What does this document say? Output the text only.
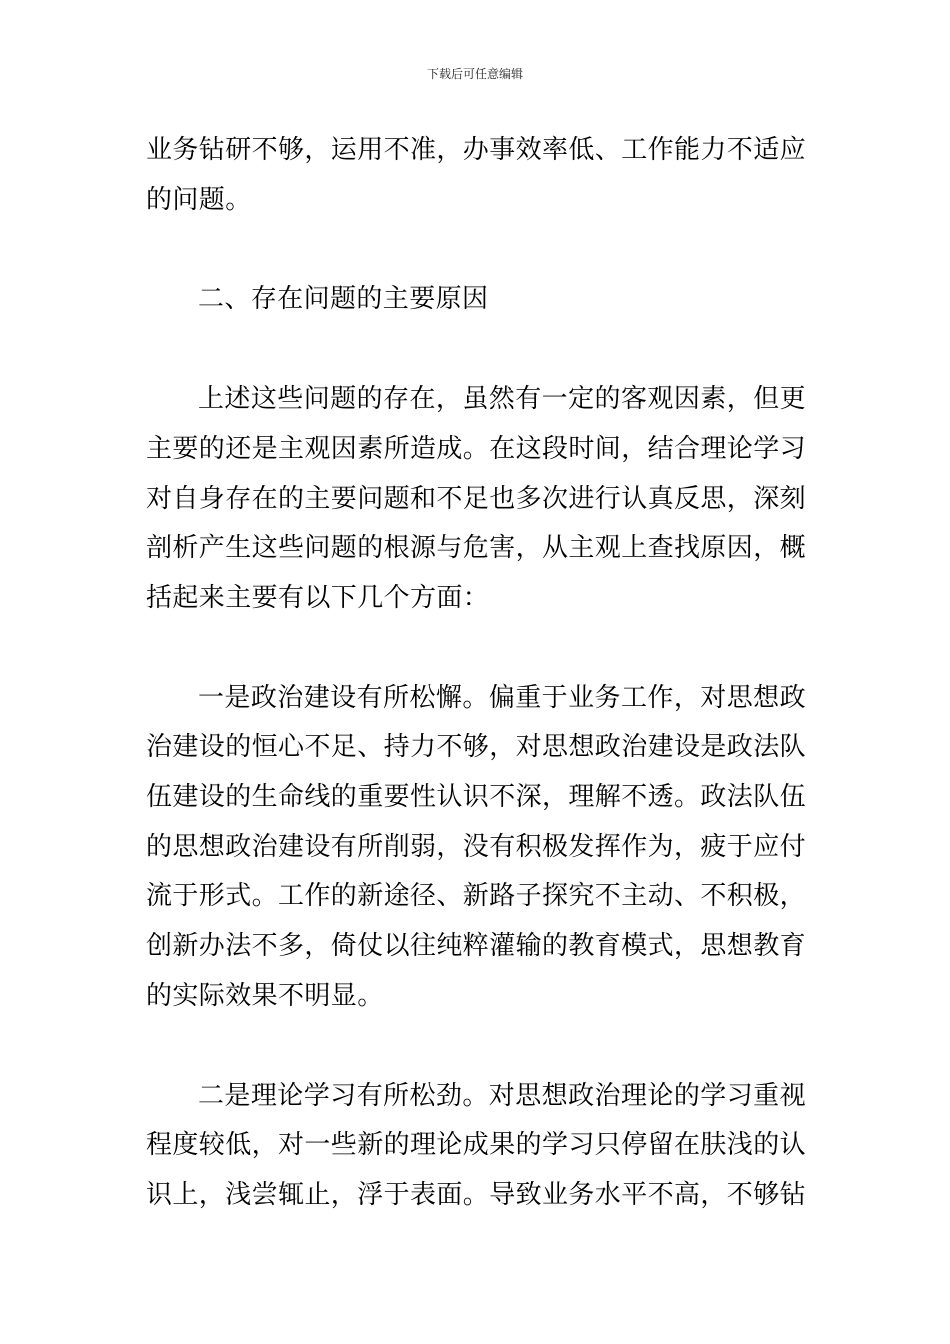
下载后可任意编辑

业务钻研不够，运用不准，办事效率低、工作能力不适应的问题。

二、存在问题的主要原因

上述这些问题的存在，虽然有一定的客观因素，但更主要的还是主观因素所造成。在这段时间，结合理论学习对自身存在的主要问题和不足也多次进行认真反思，深刻剖析产生这些问题的根源与危害，从主观上查找原因，概括起来主要有以下几个方面：

一是政治建设有所松懈。偏重于业务工作，对思想政治建设的恒心不足、持力不够，对思想政治建设是政法队伍建设的生命线的重要性认识不深，理解不透。政法队伍的思想政治建设有所削弱，没有积极发挥作为，疲于应付流于形式。工作的新途径、新路子探究不主动、不积极，创新办法不多，倚仗以往纯粹灌输的教育模式，思想教育的实际效果不明显。

二是理论学习有所松劲。对思想政治理论的学习重视程度较低，对一些新的理论成果的学习只停留在肤浅的认识上，浅尝辄止，浮于表面。导致业务水平不高，不够钻
